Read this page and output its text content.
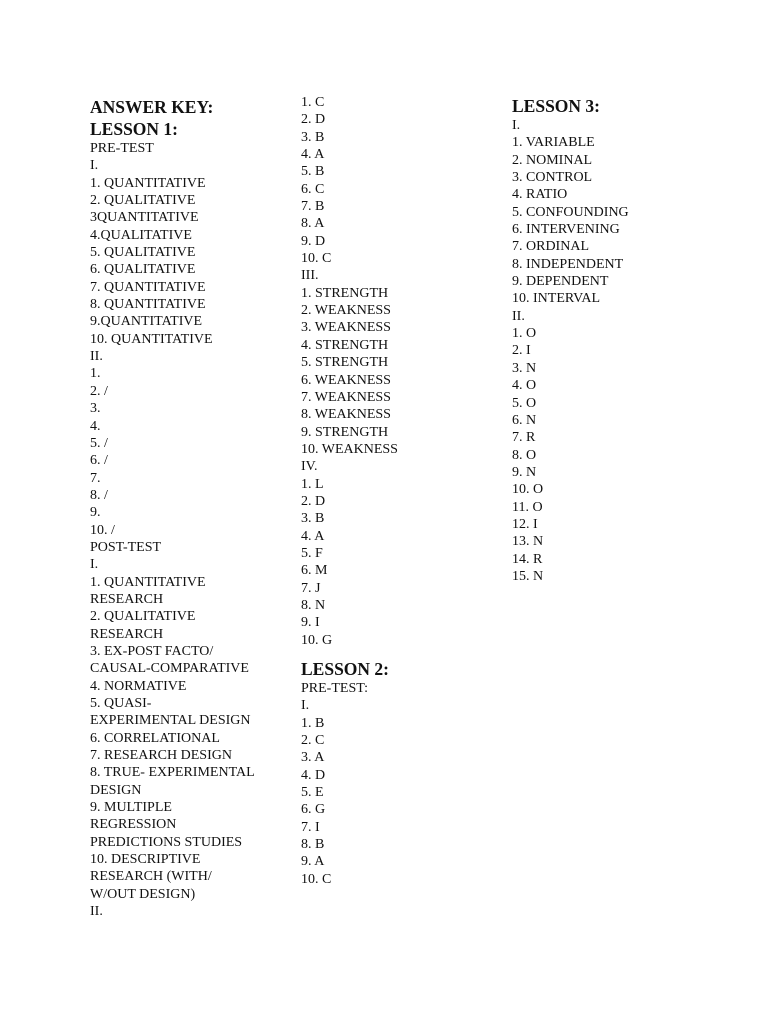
ANSWER KEY:
LESSON 1:
PRE-TEST
I.
1. QUANTITATIVE
2. QUALITATIVE
3QUANTITATIVE
4.QUALITATIVE
5. QUALITATIVE
6. QUALITATIVE
7. QUANTITATIVE
8. QUANTITATIVE
9.QUANTITATIVE
10. QUANTITATIVE
II.
1.
2. /
3.
4.
5. /
6. /
7.
8. /
9.
10. /
POST-TEST
I.
1. QUANTITATIVE
RESEARCH
2. QUALITATIVE
RESEARCH
3. EX-POST FACTO/
CAUSAL-COMPARATIVE
4. NORMATIVE
5. QUASI-
EXPERIMENTAL DESIGN
6. CORRELATIONAL
7. RESEARCH DESIGN
8. TRUE- EXPERIMENTAL
DESIGN
9. MULTIPLE
REGRESSION
PREDICTIONS STUDIES
10. DESCRIPTIVE
RESEARCH (WITH/
W/OUT DESIGN)
II.
1. C
2. D
3. B
4. A
5. B
6. C
7. B
8. A
9. D
10. C
III.
1. STRENGTH
2. WEAKNESS
3. WEAKNESS
4. STRENGTH
5. STRENGTH
6. WEAKNESS
7. WEAKNESS
8. WEAKNESS
9. STRENGTH
10. WEAKNESS
IV.
1. L
2. D
3. B
4. A
5. F
6. M
7. J
8. N
9. I
10. G
LESSON 2:
PRE-TEST:
I.
1. B
2. C
3. A
4. D
5. E
6. G
7. I
8. B
9. A
10. C
LESSON 3:
I.
1. VARIABLE
2. NOMINAL
3. CONTROL
4. RATIO
5. CONFOUNDING
6. INTERVENING
7. ORDINAL
8. INDEPENDENT
9. DEPENDENT
10. INTERVAL
II.
1. O
2. I
3. N
4. O
5. O
6. N
7. R
8. O
9. N
10. O
11. O
12. I
13. N
14. R
15. N
